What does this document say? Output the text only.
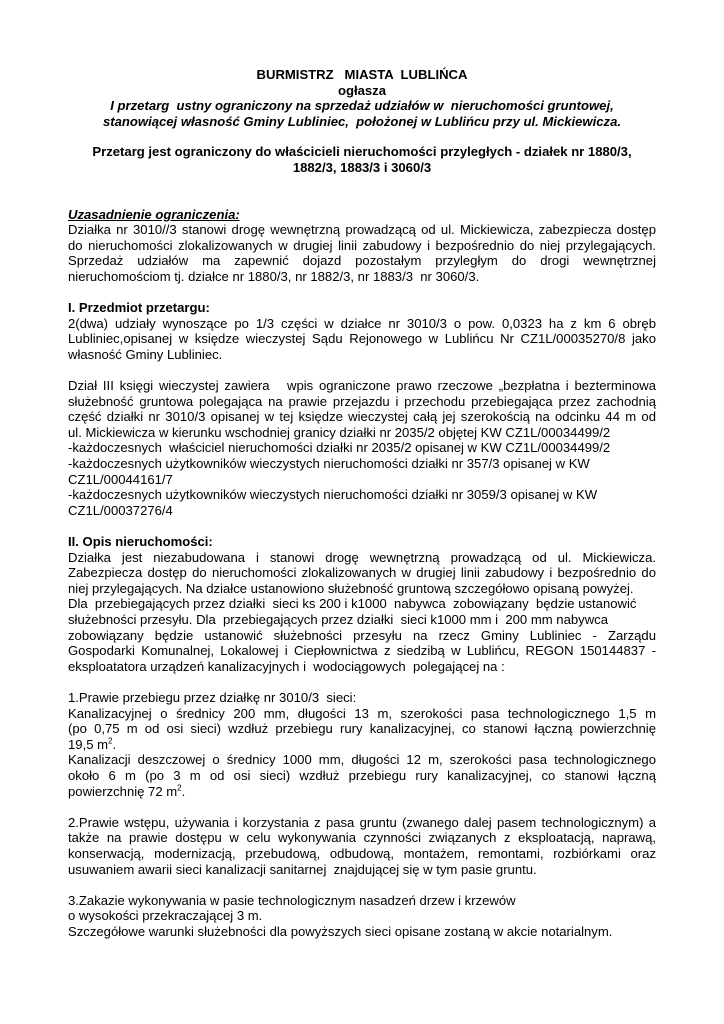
BURMISTRZ   MIASTA  LUBLIŃCA
ogłasza
I przetarg  ustny ograniczony na sprzedaż udziałów w  nieruchomości gruntowej,
stanowiącej własność Gminy Lubliniec,  położonej w Lublińcu przy ul. Mickiewicza.
Przetarg jest ograniczony do właścicieli nieruchomości przyległych - działek nr 1880/3,
1882/3, 1883/3 i 3060/3
Uzasadnienie ograniczenia:
Działka nr 3010//3 stanowi drogę wewnętrzną prowadzącą od ul. Mickiewicza, zabezpiecza dostęp
do nieruchomości zlokalizowanych w drugiej linii zabudowy i bezpośrednio do niej przylegających.
Sprzedaż udziałów ma zapewnić dojazd pozostałym przyległym do drogi wewnętrznej
nieruchomościom tj. działce nr 1880/3, nr 1882/3, nr 1883/3  nr 3060/3.
I. Przedmiot przetargu:
2(dwa) udziały wynoszące po 1/3 części w działce nr 3010/3 o pow. 0,0323 ha z km 6 obręb
Lubliniec,opisanej w księdze wieczystej Sądu Rejonowego w Lublińcu Nr CZ1L/00035270/8 jako
własność Gminy Lubliniec.
Dział III księgi wieczystej zawiera   wpis ograniczone prawo rzeczowe „bezpłatna i bezterminowa
służebność gruntowa polegająca na prawie przejazdu i przechodu przebiegająca przez zachodnią
część działki nr 3010/3 opisanej w tej księdze wieczystej całą jej szerokością na odcinku 44 m od
ul. Mickiewicza w kierunku wschodniej granicy działki nr 2035/2 objętej KW CZ1L/00034499/2
-każdoczesnych  właściciel nieruchomości działki nr 2035/2 opisanej w KW CZ1L/00034499/2
-każdoczesnych użytkowników wieczystych nieruchomości działki nr 357/3 opisanej w KW
CZ1L/00044161/7
-każdoczesnych użytkowników wieczystych nieruchomości działki nr 3059/3 opisanej w KW
CZ1L/00037276/4
II. Opis nieruchomości:
Działka jest niezabudowana i stanowi drogę wewnętrzną prowadzącą od ul. Mickiewicza.
Zabezpiecza dostęp do nieruchomości zlokalizowanych w drugiej linii zabudowy i bezpośrednio do
niej przylegających. Na działce ustanowiono służebność gruntową szczegółowo opisaną powyżej.
Dla  przebiegających przez działki  sieci ks 200 i k1000  nabywca  zobowiązany  będzie ustanowić
służebności przesyłu. Dla  przebiegających przez działki  sieci k1000 mm i  200 mm nabywca
zobowiązany będzie ustanowić służebności przesyłu na rzecz Gminy Lubliniec - Zarządu
Gospodarki Komunalnej, Lokalowej i Ciepłownictwa z siedzibą w Lublińcu, REGON 150144837 -
eksploatatora urządzeń kanalizacyjnych i  wodociągowych  polegającej na :
1.Prawie przebiegu przez działkę nr 3010/3  sieci:
Kanalizacyjnej o średnicy 200 mm, długości 13 m, szerokości pasa technologicznego 1,5 m
(po 0,75 m od osi sieci) wzdłuż przebiegu rury kanalizacyjnej, co stanowi łączną powierzchnię
19,5 $m^2$.
Kanalizacji deszczowej o średnicy 1000 mm, długości 12 m, szerokości pasa technologicznego
około 6 m (po 3 m od osi sieci) wzdłuż przebiegu rury kanalizacyjnej, co stanowi łączną
powierzchnię 72 $m^2$.
2.Prawie wstępu, używania i korzystania z pasa gruntu (zwanego dalej pasem technologicznym) a
także na prawie dostępu w celu wykonywania czynności związanych z eksploatacją, naprawą,
konserwacją, modernizacją, przebudową, odbudową, montażem, remontami, rozbiórkami oraz
usuwaniem awarii sieci kanalizacji sanitarnej  znajdującej się w tym pasie gruntu.
3.Zakazie wykonywania w pasie technologicznym nasadzeń drzew i krzewów
o wysokości przekraczającej 3 m.
Szczegółowe warunki służebności dla powyższych sieci opisane zostaną w akcie notarialnym.
